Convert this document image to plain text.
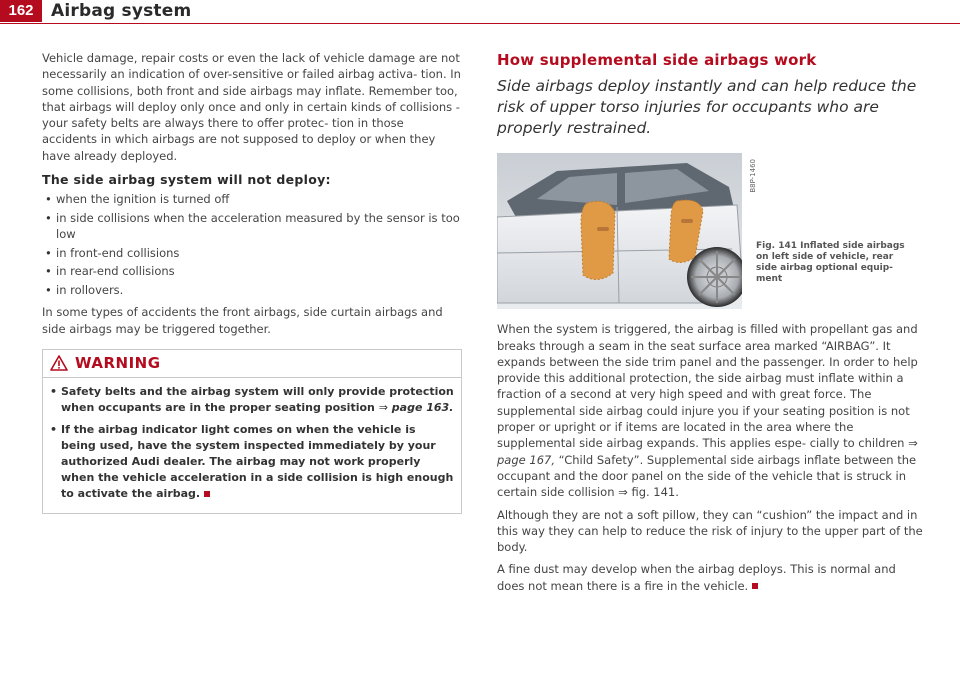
162	Airbag system

Vehicle damage, repair costs or even the lack of vehicle damage are not necessarily an indication of over-sensitive or failed airbag activa- tion. In some collisions, both front and side airbags may inflate. Remember too, that airbags will deploy only once and only in certain kinds of collisions - your safety belts are always there to offer protec- tion in those accidents in which airbags are not supposed to deploy or when they have already deployed.

The side airbag system will not deploy:
• when the ignition is turned off
• in side collisions when the acceleration measured by the sensor is too low
• in front-end collisions
• in rear-end collisions
• in rollovers.

In some types of accidents the front airbags, side curtain airbags and side airbags may be triggered together.

WARNING
• Safety belts and the airbag system will only provide protection when occupants are in the proper seating position ⇒ page 163.
• If the airbag indicator light comes on when the vehicle is being used, have the system inspected immediately by your authorized Audi dealer. The airbag may not work properly when the vehicle acceleration in a side collision is high enough to activate the airbag.
How supplemental side airbags work
Side airbags deploy instantly and can help reduce the risk of upper torso injuries for occupants who are properly restrained.
B8P-1460
Fig. 141 Inflated side airbags on left side of vehicle, rear side airbag optional equip- ment

When the system is triggered, the airbag is filled with propellant gas and breaks through a seam in the seat surface area marked “AIRBAG”. It expands between the side trim panel and the passenger. In order to help provide this additional protection, the side airbag must inflate within a fraction of a second at very high speed and with great force. The supplemental side airbag could injure you if your seating position is not proper or upright or if items are located in the area where the supplemental side airbag expands. This applies espe- cially to children ⇒ page 167, “Child Safety”. Supplemental side airbags inflate between the occupant and the door panel on the side of the vehicle that is struck in certain side collision ⇒ fig. 141.

Although they are not a soft pillow, they can “cushion” the impact and in this way they can help to reduce the risk of injury to the upper part of the body.

A fine dust may develop when the airbag deploys. This is normal and does not mean there is a fire in the vehicle.
